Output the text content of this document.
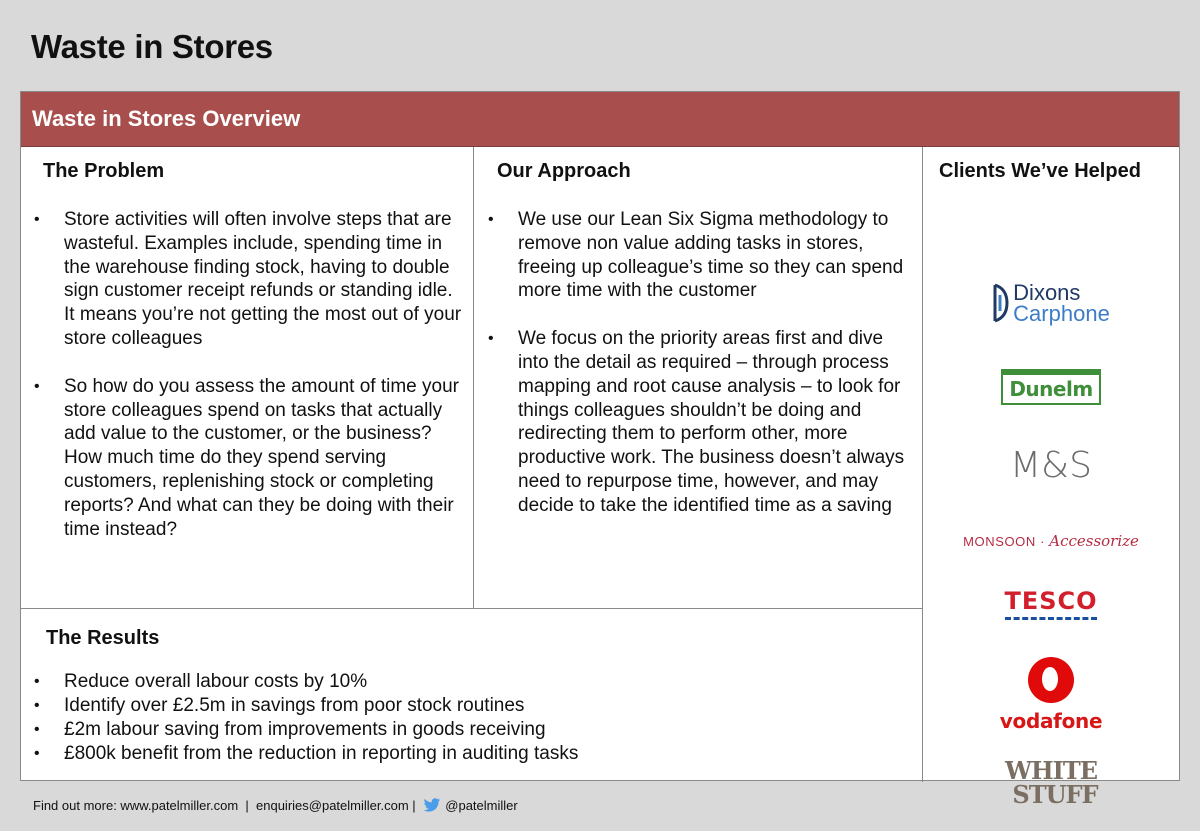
Waste in Stores
Waste in Stores Overview
The Problem
• Store activities will often involve steps that are wasteful. Examples include, spending time in the warehouse finding stock, having to double sign customer receipt refunds or standing idle. It means you’re not getting the most out of your store colleagues
• So how do you assess the amount of time your store colleagues spend on tasks that actually add value to the customer, or the business? How much time do they spend serving customers, replenishing stock or completing reports? And what can they be doing with their time instead?
Our Approach
• We use our Lean Six Sigma methodology to remove non value adding tasks in stores, freeing up colleague’s time so they can spend more time with the customer
• We focus on the priority areas first and dive into the detail as required – through process mapping and root cause analysis – to look for things colleagues shouldn’t be doing and redirecting them to perform other, more productive work. The business doesn’t always need to repurpose time, however, and may decide to take the identified time as a saving
The Results
• Reduce overall labour costs by 10%
• Identify over £2.5m in savings from poor stock routines
• £2m labour saving from improvements in goods receiving
• £800k benefit from the reduction in reporting in auditing tasks
Clients We’ve Helped
Dixons
Carphone
Dunelm
M&S
MONSOON · Accessorize
TESCO
vodafone
WHITE
STUFF
Find out more: www.patelmiller.com  |  enquiries@patelmiller.com | @patelmiller
